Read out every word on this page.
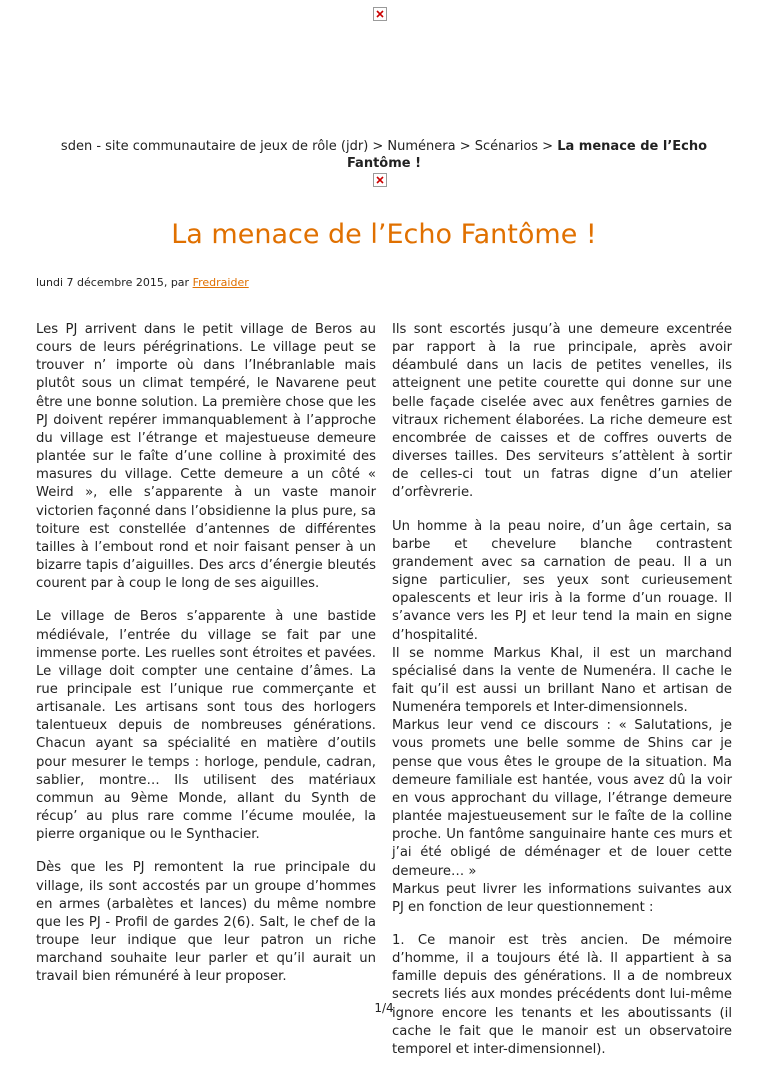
sden - site communautaire de jeux de rôle (jdr) > Numénera > Scénarios > La menace de l’Echo Fantôme !
La menace de l’Echo Fantôme !
lundi 7 décembre 2015, par Fredraider

Les PJ arrivent dans le petit village de Beros au cours de leurs pérégrinations. Le village peut se trouver n’ importe où dans l’Inébranlable mais plutôt sous un climat tempéré, le Navarene peut être une bonne solution. La première chose que les PJ doivent repérer immanquablement à l’approche du village est l’étrange et majestueuse demeure plantée sur le faîte d’une colline à proximité des masures du village. Cette demeure a un côté « Weird », elle s’apparente à un vaste manoir victorien façonné dans l’obsidienne la plus pure, sa toiture est constellée d’antennes de différentes tailles à l’embout rond et noir faisant penser à un bizarre tapis d’aiguilles. Des arcs d’énergie bleutés courent par à coup le long de ses aiguilles.

Le village de Beros s’apparente à une bastide médiévale, l’entrée du village se fait par une immense porte. Les ruelles sont étroites et pavées. Le village doit compter une centaine d’âmes. La rue principale est l’unique rue commerçante et artisanale. Les artisans sont tous des horlogers talentueux depuis de nombreuses générations. Chacun ayant sa spécialité en matière d’outils pour mesurer le temps : horloge, pendule, cadran, sablier, montre… Ils utilisent des matériaux commun au 9ème Monde, allant du Synth de récup’ au plus rare comme l’écume moulée, la pierre organique ou le Synthacier.

Dès que les PJ remontent la rue principale du village, ils sont accostés par un groupe d’hommes en armes (arbalètes et lances) du même nombre que les PJ - Profil de gardes 2(6). Salt, le chef de la troupe leur indique que leur patron un riche marchand souhaite leur parler et qu’il aurait un travail bien rémunéré à leur proposer.

Ils sont escortés jusqu’à une demeure excentrée par rapport à la rue principale, après avoir déambulé dans un lacis de petites venelles, ils atteignent une petite courette qui donne sur une belle façade ciselée avec aux fenêtres garnies de vitraux richement élaborées. La riche demeure est encombrée de caisses et de coffres ouverts de diverses tailles. Des serviteurs s’attèlent à sortir de celles-ci tout un fatras digne d’un atelier d’orfèvrerie.

Un homme à la peau noire, d’un âge certain, sa barbe et chevelure blanche contrastent grandement avec sa carnation de peau. Il a un signe particulier, ses yeux sont curieusement opalescents et leur iris à la forme d’un rouage. Il s’avance vers les PJ et leur tend la main en signe d’hospitalité.

Il se nomme Markus Khal, il est un marchand spécialisé dans la vente de Numenéra. Il cache le fait qu’il est aussi un brillant Nano et artisan de Numenéra temporels et Inter-dimensionnels.

Markus leur vend ce discours : « Salutations, je vous promets une belle somme de Shins car je pense que vous êtes le groupe de la situation. Ma demeure familiale est hantée, vous avez dû la voir en vous approchant du village, l’étrange demeure plantée majestueusement sur le faîte de la colline proche. Un fantôme sanguinaire hante ces murs et j’ai été obligé de déménager et de louer cette demeure… »

Markus peut livrer les informations suivantes aux PJ en fonction de leur questionnement :

1. Ce manoir est très ancien. De mémoire d’homme, il a toujours été là. Il appartient à sa famille depuis des générations. Il a de nombreux secrets liés aux mondes précédents dont lui-même ignore encore les tenants et les aboutissants (il cache le fait que le manoir est un observatoire temporel et inter-dimensionnel).

1/4
